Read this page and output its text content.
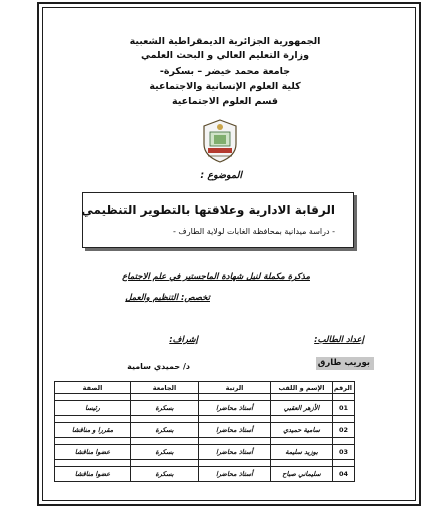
الجمهورية الجزائرية الديمقراطية الشعبية
وزارة التعليم العالي و البحث العلمي
جامعة محمد خيضر – بسكرة-
كلية العلوم الإنسانية والاجتماعية
قسم العلوم الاجتماعية
الموضوع :
الرقابة الادارية وعلاقتها بالتطوير التنظيمي
- دراسة ميدانية بمحافظة الغابات لولاية الطارف -
مذكرة مكملة لنيل شهادة الماجستير في علم الاجتماع
تخصص: التنظيم والعمل
إعداد الطالب:
إشراف:
بوريب طارق
د/ حميدي سامية
الرقم	الإسم و اللقب	الرتبة	الجامعة	الصفة

01	الأزهر العقبي	أستاذ محاضرا	بسكرة	رئيسا

02	سامية حميدي	أستاذ محاضرا	بسكرة	مقررا و مناقشا

03	بوزيد سليمة	أستاذ محاضرا	بسكرة	عضوا مناقشا

04	سليماني صباح	أستاذ محاضرا	بسكرة	عضوا مناقشا
